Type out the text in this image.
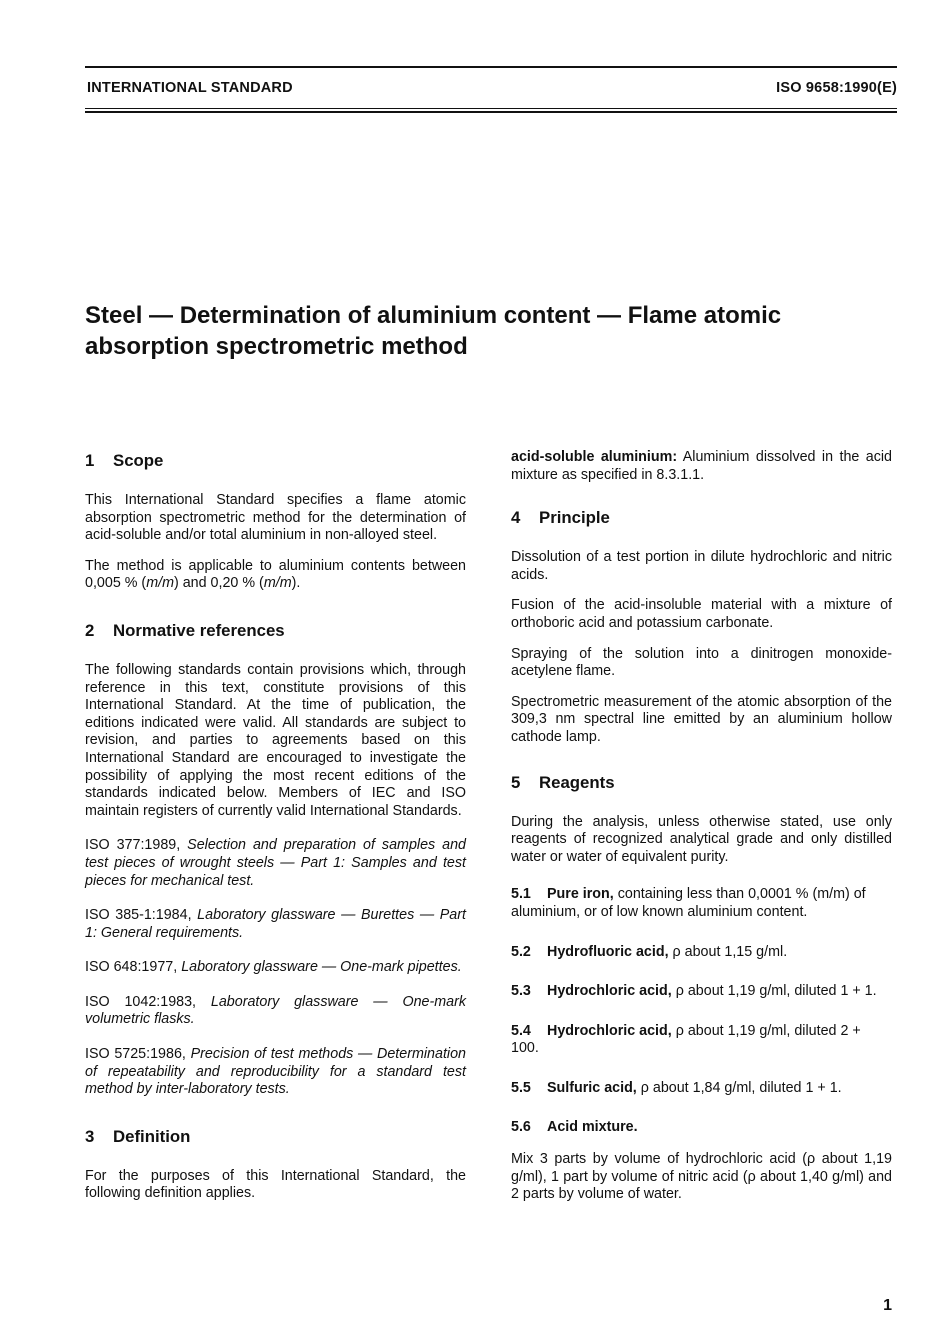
INTERNATIONAL STANDARD	ISO 9658:1990(E)
Steel — Determination of aluminium content — Flame atomic absorption spectrometric method
1 Scope

This International Standard specifies a flame atomic absorption spectrometric method for the determination of acid-soluble and/or total aluminium in non-alloyed steel.

The method is applicable to aluminium contents between 0,005 % (m/m) and 0,20 % (m/m).

2 Normative references

The following standards contain provisions which, through reference in this text, constitute provisions of this International Standard. At the time of publication, the editions indicated were valid. All standards are subject to revision, and parties to agreements based on this International Standard are encouraged to investigate the possibility of applying the most recent editions of the standards indicated below. Members of IEC and ISO maintain registers of currently valid International Standards.

ISO 377:1989, Selection and preparation of samples and test pieces of wrought steels — Part 1: Samples and test pieces for mechanical test.

ISO 385-1:1984, Laboratory glassware — Burettes — Part 1: General requirements.

ISO 648:1977, Laboratory glassware — One-mark pipettes.

ISO 1042:1983, Laboratory glassware — One-mark volumetric flasks.

ISO 5725:1986, Precision of test methods — Determination of repeatability and reproducibility for a standard test method by inter-laboratory tests.

3 Definition

For the purposes of this International Standard, the following definition applies.

acid-soluble aluminium: Aluminium dissolved in the acid mixture as specified in 8.3.1.1.

4 Principle

Dissolution of a test portion in dilute hydrochloric and nitric acids.

Fusion of the acid-insoluble material with a mixture of orthoboric acid and potassium carbonate.

Spraying of the solution into a dinitrogen monoxide-acetylene flame.

Spectrometric measurement of the atomic absorption of the 309,3 nm spectral line emitted by an aluminium hollow cathode lamp.

5 Reagents

During the analysis, unless otherwise stated, use only reagents of recognized analytical grade and only distilled water or water of equivalent purity.

5.1 Pure iron, containing less than 0,0001 % (m/m) of aluminium, or of low known aluminium content.

5.2 Hydrofluoric acid, ρ about 1,15 g/ml.

5.3 Hydrochloric acid, ρ about 1,19 g/ml, diluted 1 + 1.

5.4 Hydrochloric acid, ρ about 1,19 g/ml, diluted 2 + 100.

5.5 Sulfuric acid, ρ about 1,84 g/ml, diluted 1 + 1.

5.6 Acid mixture.

Mix 3 parts by volume of hydrochloric acid (ρ about 1,19 g/ml), 1 part by volume of nitric acid (ρ about 1,40 g/ml) and 2 parts by volume of water.

1
